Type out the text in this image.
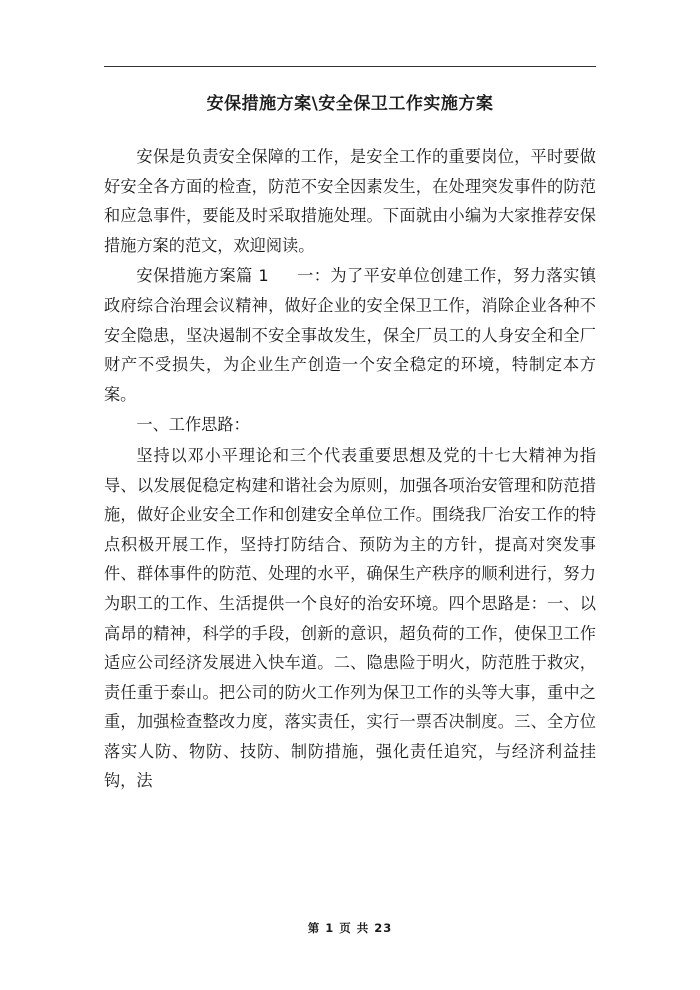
安保措施方案\安全保卫工作实施方案

安保是负责安全保障的工作，是安全工作的重要岗位，平时要做好安全各方面的检查，防范不安全因素发生，在处理突发事件的防范和应急事件，要能及时采取措施处理。下面就由小编为大家推荐安保措施方案的范文，欢迎阅读。

安保措施方案篇 1 一：为了平安单位创建工作，努力落实镇政府综合治理会议精神，做好企业的安全保卫工作，消除企业各种不安全隐患，坚决遏制不安全事故发生，保全厂员工的人身安全和全厂财产不受损失，为企业生产创造一个安全稳定的环境，特制定本方案。

一、工作思路：

坚持以邓小平理论和三个代表重要思想及党的十七大精神为指导、以发展促稳定构建和谐社会为原则，加强各项治安管理和防范措施，做好企业安全工作和创建安全单位工作。围绕我厂治安工作的特点积极开展工作，坚持打防结合、预防为主的方针，提高对突发事件、群体事件的防范、处理的水平，确保生产秩序的顺利进行，努力为职工的工作、生活提供一个良好的治安环境。四个思路是：一、以高昂的精神，科学的手段，创新的意识，超负荷的工作，使保卫工作适应公司经济发展进入快车道。二、隐患险于明火，防范胜于救灾，责任重于泰山。把公司的防火工作列为保卫工作的头等大事，重中之重，加强检查整改力度，落实责任，实行一票否决制度。三、全方位落实人防、物防、技防、制防措施，强化责任追究，与经济利益挂钩，法

第 1 页 共 23
